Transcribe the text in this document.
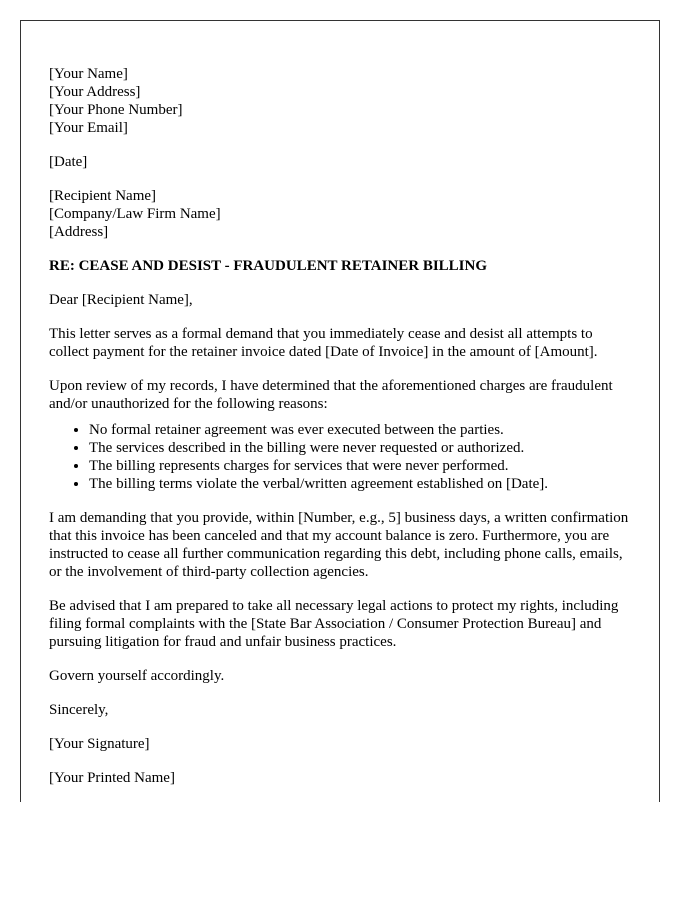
[Your Name]
[Your Address]
[Your Phone Number]
[Your Email]

[Date]

[Recipient Name]
[Company/Law Firm Name]
[Address]

RE: CEASE AND DESIST - FRAUDULENT RETAINER BILLING

Dear [Recipient Name],

This letter serves as a formal demand that you immediately cease and desist all attempts to collect payment for the retainer invoice dated [Date of Invoice] in the amount of [Amount].

Upon review of my records, I have determined that the aforementioned charges are fraudulent and/or unauthorized for the following reasons:

• No formal retainer agreement was ever executed between the parties.
• The services described in the billing were never requested or authorized.
• The billing represents charges for services that were never performed.
• The billing terms violate the verbal/written agreement established on [Date].

I am demanding that you provide, within [Number, e.g., 5] business days, a written confirmation that this invoice has been canceled and that my account balance is zero. Furthermore, you are instructed to cease all further communication regarding this debt, including phone calls, emails, or the involvement of third-party collection agencies.

Be advised that I am prepared to take all necessary legal actions to protect my rights, including filing formal complaints with the [State Bar Association / Consumer Protection Bureau] and pursuing litigation for fraud and unfair business practices.

Govern yourself accordingly.

Sincerely,

[Your Signature]

[Your Printed Name]
